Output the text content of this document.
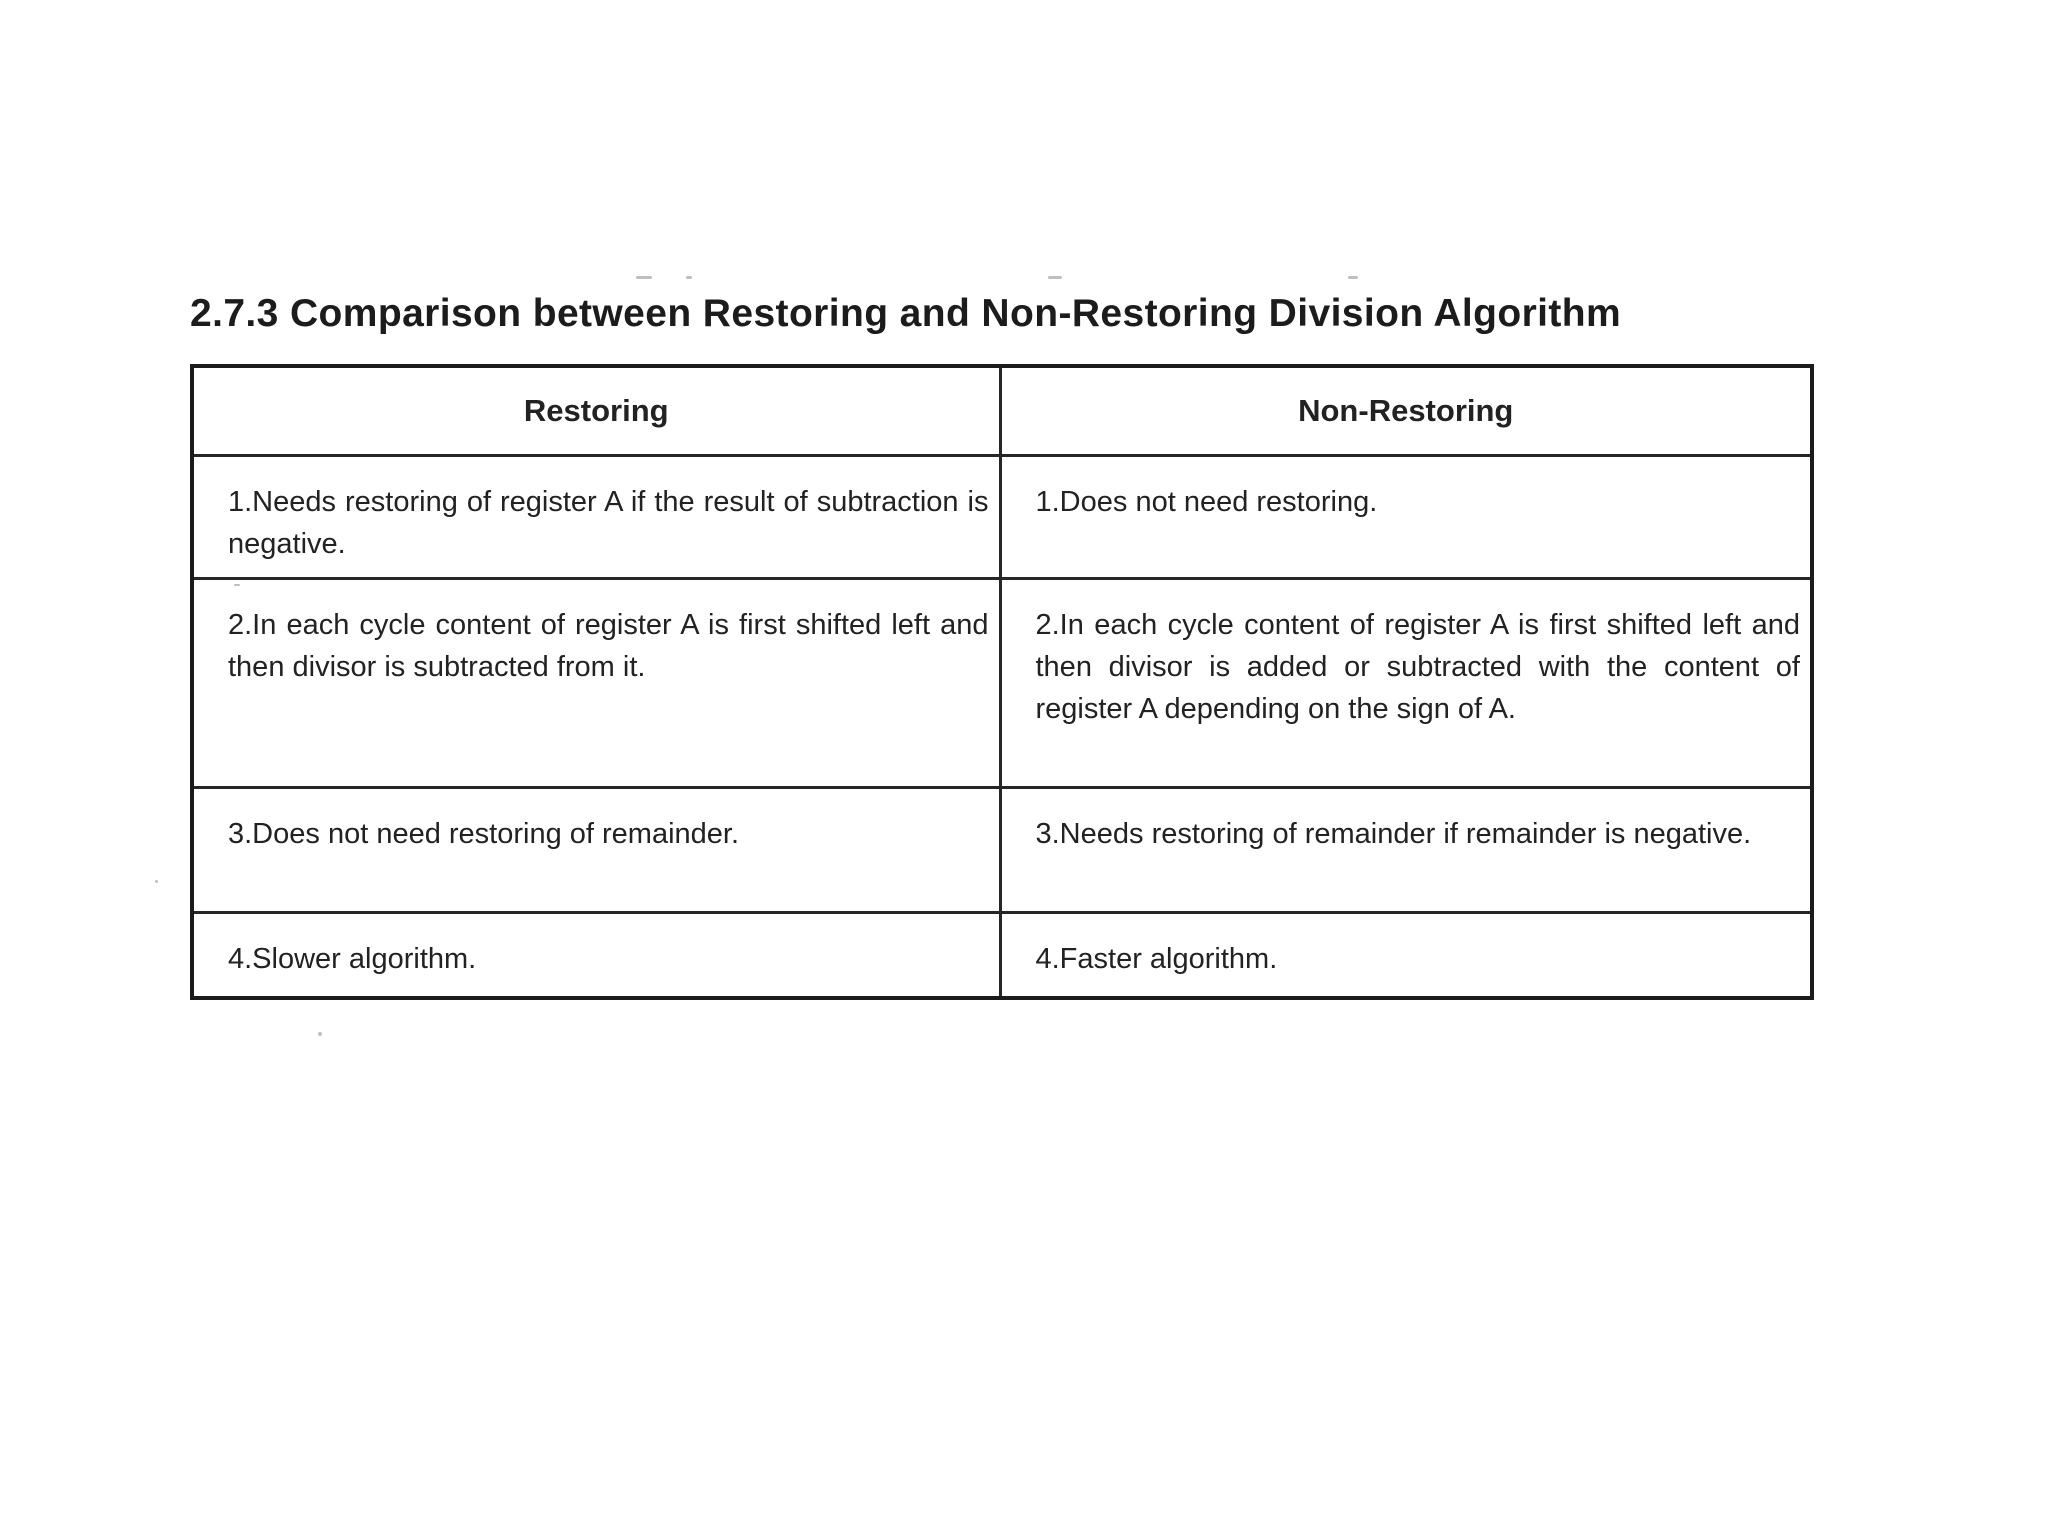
2.7.3 Comparison between Restoring and Non-Restoring Division Algorithm
Restoring	Non-Restoring
1.Needs restoring of register A if the result of subtraction is negative.	1.Does not need restoring.
2.In each cycle content of register A is first shifted left and then divisor is subtracted from it.	2.In each cycle content of register A is first shifted left and then divisor is added or subtracted with the content of register A depending on the sign of A.
3.Does not need restoring of remainder.	3.Needs restoring of remainder if remainder is negative.
4.Slower algorithm.	4.Faster algorithm.
